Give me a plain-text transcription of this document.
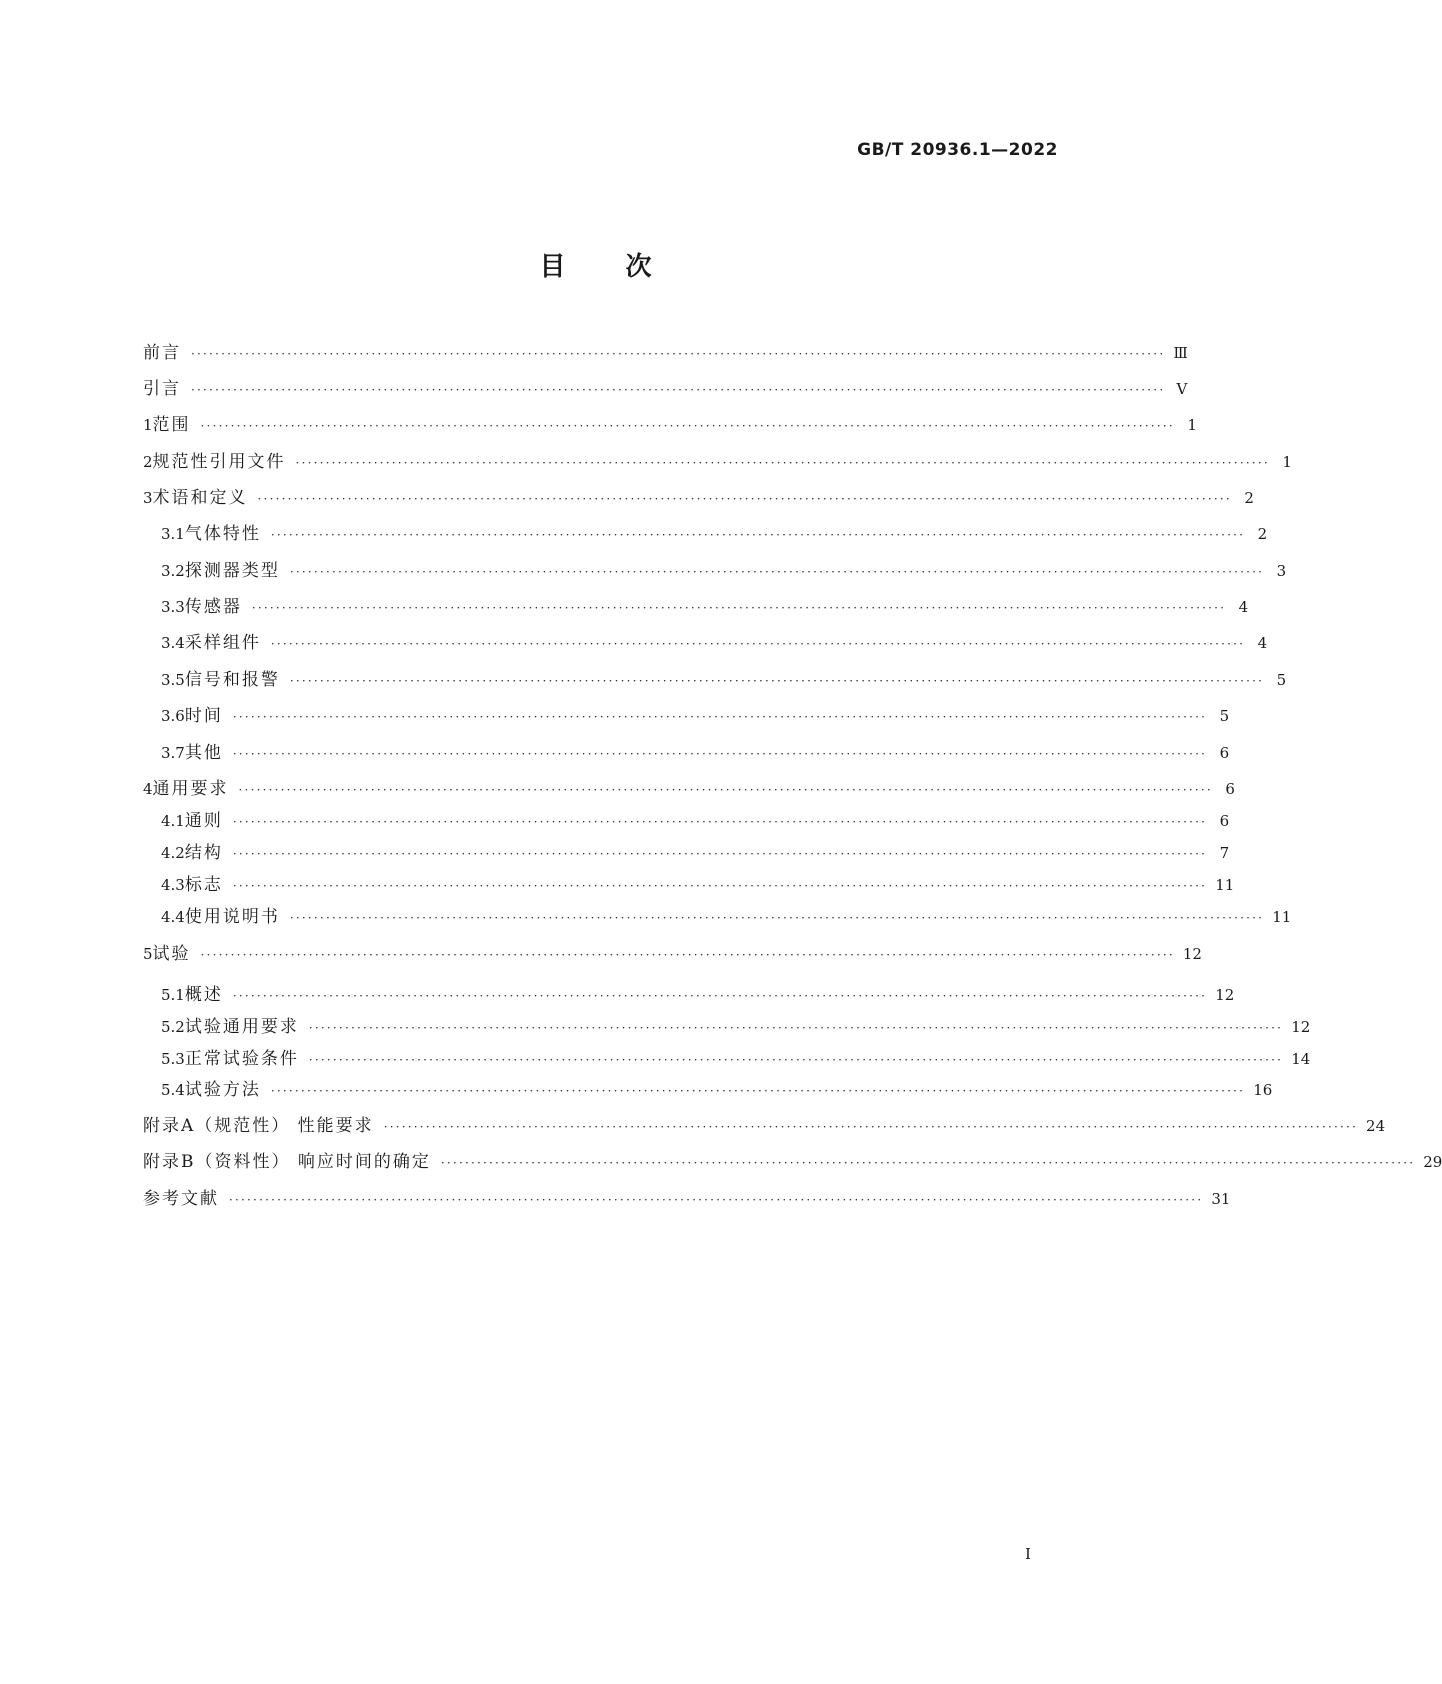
GB/T 20936.1—2022
目次
前言 ·································································································································································· Ⅲ
引言 ·································································································································································· Ⅴ
1 范围 ·································································································································································· 1
2 规范性引用文件 ·································································································································································· 1
3 术语和定义 ·································································································································································· 2
3.1 气体特性 ·································································································································································· 2
3.2 探测器类型 ·································································································································································· 3
3.3 传感器 ·································································································································································· 4
3.4 采样组件 ·································································································································································· 4
3.5 信号和报警 ·································································································································································· 5
3.6 时间 ·································································································································································· 5
3.7 其他 ·································································································································································· 6
4 通用要求 ·································································································································································· 6
4.1 通则 ·································································································································································· 6
4.2 结构 ·································································································································································· 7
4.3 标志 ·································································································································································· 11
4.4 使用说明书 ·································································································································································· 11
5 试验 ·································································································································································· 12
5.1 概述 ·································································································································································· 12
5.2 试验通用要求 ·································································································································································· 12
5.3 正常试验条件 ·································································································································································· 14
5.4 试验方法 ·································································································································································· 16
附录A（规范性） 性能要求 ·································································································································································· 24
附录B（资料性） 响应时间的确定 ·································································································································································· 29
参考文献 ·································································································································································· 31
I
